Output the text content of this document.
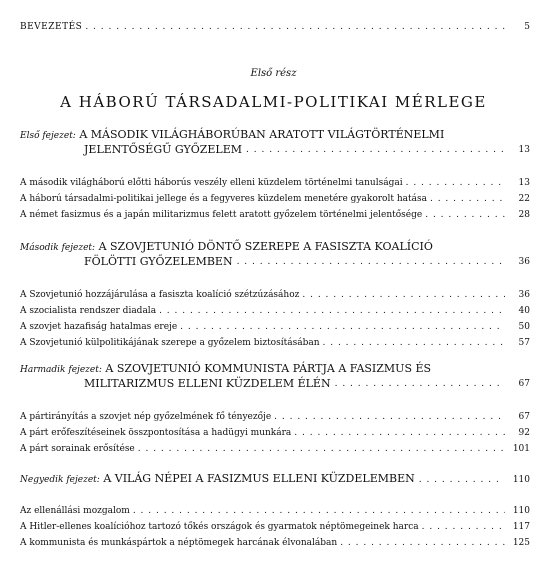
BEVEZETÉS . . .	5
Első rész
A HÁBORÚ TÁRSADALMI-POLITIKAI MÉRLEGE
Első fejezet: A MÁSODIK VILÁGHÁBORÚBAN ARATOTT VILÁGTÖRTÉNELMI
JELENTŐSÉGŰ GYŐZELEM . . .	13
A második világháború előtti háborús veszély elleni küzdelem történelmi tanulságai . . .	13
A háború társadalmi-politikai jellege és a fegyveres küzdelem menetére gyakorolt hatása . . .	22
A német fasizmus és a japán militarizmus felett aratott győzelem történelmi jelentősége . . .	28
Második fejezet: A SZOVJETUNIÓ DÖNTŐ SZEREPE A FASISZTA KOALÍCIÓ
FÖLÖTTI GYŐZELEMBEN . . .	36
A Szovjetunió hozzájárulása a fasiszta koalíció szétzúzásához . . .	36
A szocialista rendszer diadala . . .	40
A szovjet hazafiság hatalmas ereje . . .	50
A Szovjetunió külpolitikájának szerepe a győzelem biztosításában . . .	57
Harmadik fejezet: A SZOVJETUNIÓ KOMMUNISTA PÁRTJA A FASIZMUS ÉS
MILITARIZMUS ELLENI KÜZDELEM ÉLÉN . . .	67
A pártirányítás a szovjet nép győzelmének fő tényezője . . .	67
A párt erőfeszítéseinek összpontosítása a hadügyi munkára . . .	92
A párt sorainak erősítése . . .	101
Negyedik fejezet: A VILÁG NÉPEI A FASIZMUS ELLENI KÜZDELEMBEN . . .	110
Az ellenállási mozgalom . . .	110
A Hitler-ellenes koalícióhoz tartozó tőkés országok és gyarmatok néptömegeinek harca . . .	117
A kommunista és munkáspártok a néptömegek harcának élvonalában . . .	125
